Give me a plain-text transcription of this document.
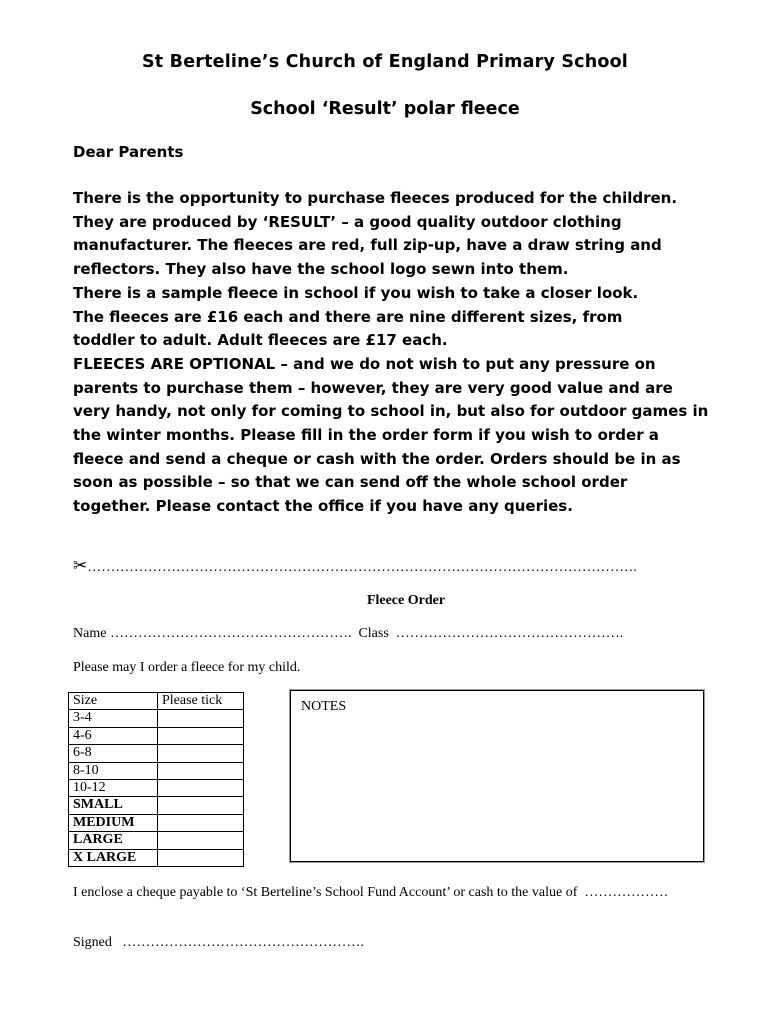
St Berteline’s Church of England Primary School
School ‘Result’ polar fleece
Dear Parents
There is the opportunity to purchase fleeces produced for the children.
They are produced by ‘RESULT’ – a good quality outdoor clothing
manufacturer. The fleeces are red, full zip-up, have a draw string and
reflectors. They also have the school logo sewn into them.
There is a sample fleece in school if you wish to take a closer look.
The fleeces are £16 each and there are nine different sizes, from
toddler to adult. Adult fleeces are £17 each.
FLEECES ARE OPTIONAL – and we do not wish to put any pressure on
parents to purchase them – however, they are very good value and are
very handy, not only for coming to school in, but also for outdoor games in
the winter months. Please fill in the order form if you wish to order a
fleece and send a cheque or cash with the order. Orders should be in as
soon as possible – so that we can send off the whole school order
together. Please contact the office if you have any queries.
✂……………………………………………………………………………………………………….
Fleece Order
Name ……………………………………………. Class ………………………………………….
Please may I order a fleece for my child.
Size	Please tick
3-4	
4-6	
6-8	
8-10	
10-12	
SMALL	
MEDIUM	
LARGE	
X LARGE	
NOTES
I enclose a cheque payable to ‘St Berteline’s School Fund Account’ or cash to the value of ………………
Signed …………………………………………….
